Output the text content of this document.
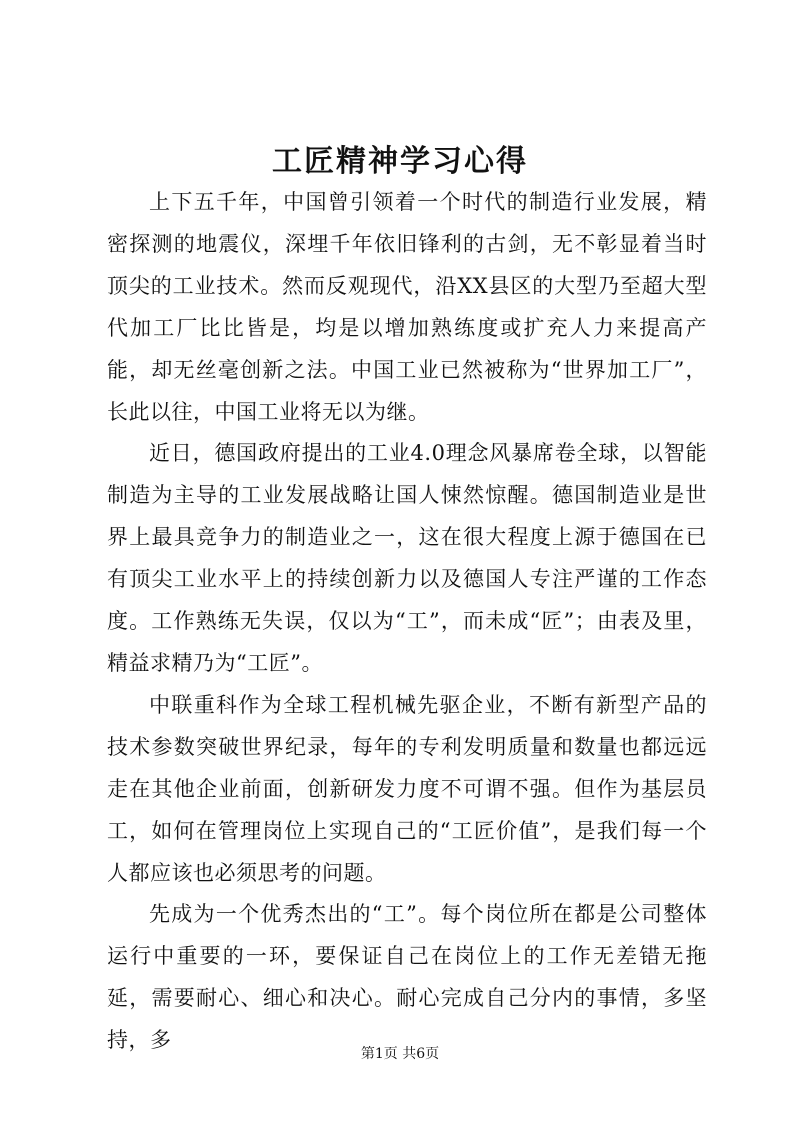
工匠精神学习心得

上下五千年，中国曾引领着一个时代的制造行业发展，精密探测的地震仪，深埋千年依旧锋利的古剑，无不彰显着当时顶尖的工业技术。然而反观现代，沿XX县区的大型乃至超大型代加工厂比比皆是，均是以增加熟练度或扩充人力来提高产能，却无丝毫创新之法。中国工业已然被称为“世界加工厂”，长此以往，中国工业将无以为继。

近日，德国政府提出的工业4.0理念风暴席卷全球，以智能制造为主导的工业发展战略让国人悚然惊醒。德国制造业是世界上最具竞争力的制造业之一，这在很大程度上源于德国在已有顶尖工业水平上的持续创新力以及德国人专注严谨的工作态度。工作熟练无失误，仅以为“工”，而未成“匠”；由表及里，精益求精乃为“工匠”。

中联重科作为全球工程机械先驱企业，不断有新型产品的技术参数突破世界纪录，每年的专利发明质量和数量也都远远走在其他企业前面，创新研发力度不可谓不强。但作为基层员工，如何在管理岗位上实现自己的“工匠价值”，是我们每一个人都应该也必须思考的问题。

先成为一个优秀杰出的“工”。每个岗位所在都是公司整体运行中重要的一环，要保证自己在岗位上的工作无差错无拖延，需要耐心、细心和决心。耐心完成自己分内的事情，多坚持，多

第1页 共6页
